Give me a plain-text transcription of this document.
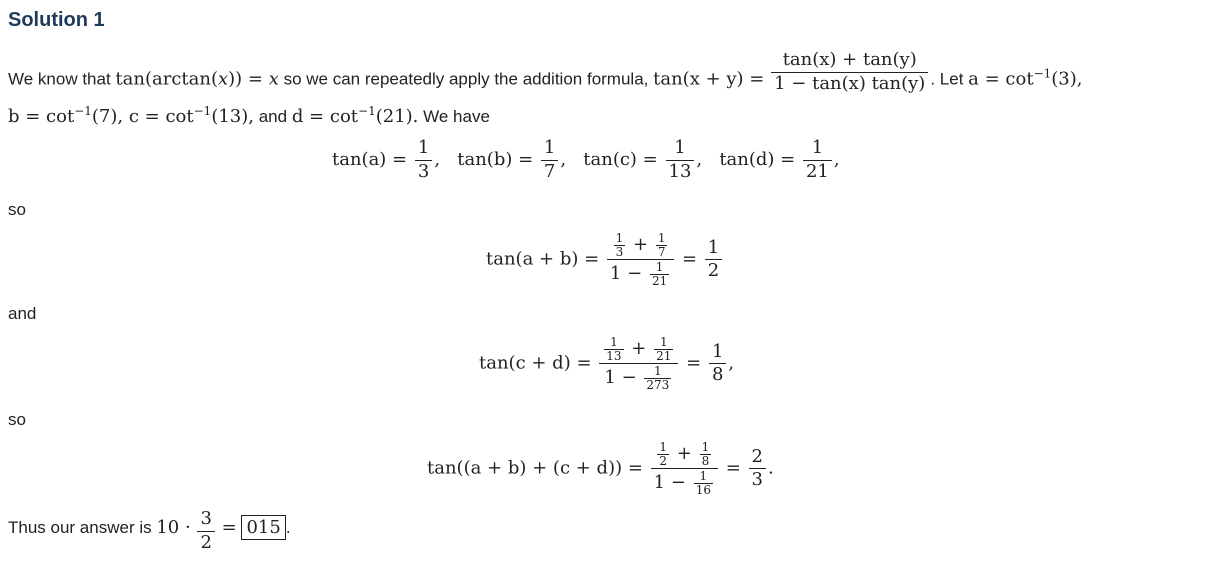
Solution 1
We know that tan(arctan(x)) = x so we can repeatedly apply the addition formula, $\tan(x + y) = \frac{\tan(x) + \tan(y)}{1 - \tan(x) \tan(y)}$ . Let $a = \cot^{-1}(3)$,
$b = \cot^{-1}(7)$, $c = \cot^{-1}(13)$, and $d = \cot^{-1}(21)$. We have
$\tan(a) = \frac{1}{3}$ , $\tan(b) = \frac{1}{7}$ , $\tan(c) = \frac{1}{13}$ , $\tan(d) = \frac{1}{21}$ ,
so
$\tan(a + b) = \frac{\frac{1}{3} + \frac{1}{7}}{1 - \frac{1}{21}} = \frac{1}{2}$
and
$\tan(c + d) = \frac{\frac{1}{13} + \frac{1}{21}}{1 - \frac{1}{273}} = \frac{1}{8}$ ,
so
$\tan((a + b) + (c + d)) = \frac{\frac{1}{2} + \frac{1}{8}}{1 - \frac{1}{16}} = \frac{2}{3}$ .
Thus our answer is $10 \cdot \frac{3}{2} = 015$ .
